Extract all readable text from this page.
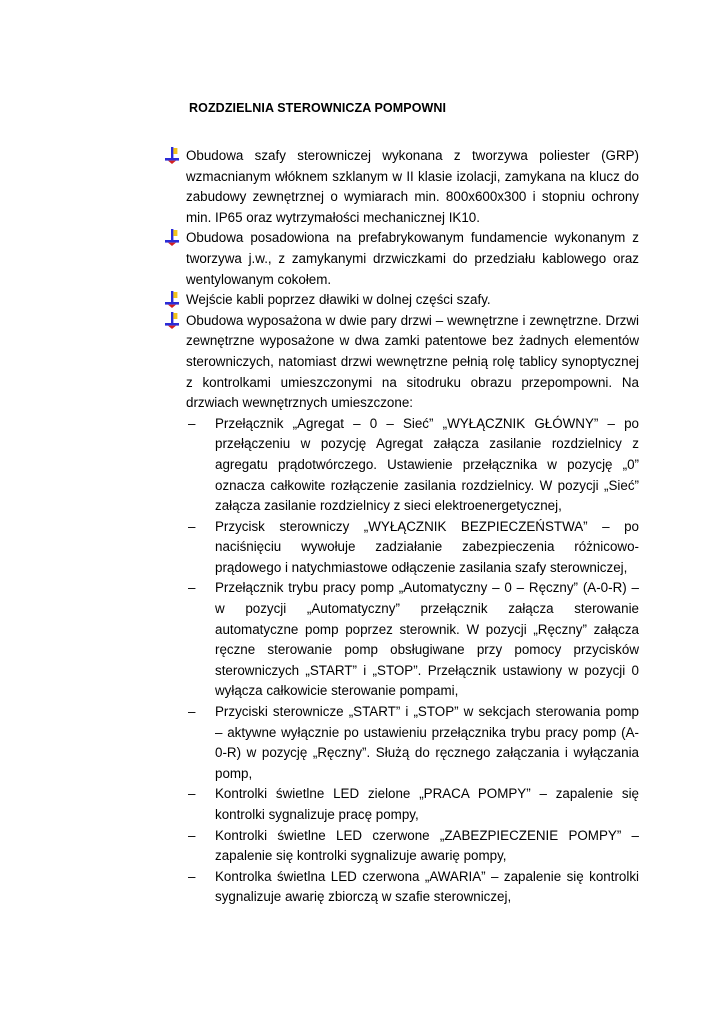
ROZDZIELNIA STEROWNICZA POMPOWNI
Obudowa szafy sterowniczej wykonana z tworzywa poliester (GRP) wzmacnianym włóknem szklanym w II klasie izolacji, zamykana na klucz do zabudowy zewnętrznej o wymiarach min. 800x600x300 i stopniu ochrony min. IP65 oraz wytrzymałości mechanicznej IK10.
Obudowa posadowiona na prefabrykowanym fundamencie wykonanym z tworzywa j.w., z zamykanymi drzwiczkami do przedziału kablowego oraz wentylowanym cokołem.
Wejście kabli poprzez dławiki w dolnej części szafy.
Obudowa wyposażona w dwie pary drzwi – wewnętrzne i zewnętrzne. Drzwi zewnętrzne wyposażone w dwa zamki patentowe bez żadnych elementów sterowniczych, natomiast drzwi wewnętrzne pełnią rolę tablicy synoptycznej z kontrolkami umieszczonymi na sitodruku obrazu przepompowni. Na drzwiach wewnętrznych umieszczone:
– Przełącznik „Agregat – 0 – Sieć” „WYŁĄCZNIK GŁÓWNY” – po przełączeniu w pozycję Agregat załącza zasilanie rozdzielnicy z agregatu prądotwórczego. Ustawienie przełącznika w pozycję „0” oznacza całkowite rozłączenie zasilania rozdzielnicy. W pozycji „Sieć” załącza zasilanie rozdzielnicy z sieci elektroenergetycznej,
– Przycisk sterowniczy „WYŁĄCZNIK BEZPIECZEŃSTWA” – po naciśnięciu wywołuje zadziałanie zabezpieczenia różnicowo-prądowego i natychmiastowe odłączenie zasilania szafy sterowniczej,
– Przełącznik trybu pracy pomp „Automatyczny – 0 – Ręczny” (A-0-R) – w pozycji „Automatyczny” przełącznik załącza sterowanie automatyczne pomp poprzez sterownik. W pozycji „Ręczny” załącza ręczne sterowanie pomp obsługiwane przy pomocy przycisków sterowniczych „START” i „STOP”. Przełącznik ustawiony w pozycji 0 wyłącza całkowicie sterowanie pompami,
– Przyciski sterownicze „START” i „STOP” w sekcjach sterowania pomp – aktywne wyłącznie po ustawieniu przełącznika trybu pracy pomp (A-0-R) w pozycję „Ręczny”. Służą do ręcznego załączania i wyłączania pomp,
– Kontrolki świetlne LED zielone „PRACA POMPY” – zapalenie się kontrolki sygnalizuje pracę pompy,
– Kontrolki świetlne LED czerwone „ZABEZPIECZENIE POMPY” – zapalenie się kontrolki sygnalizuje awarię pompy,
– Kontrolka świetlna LED czerwona „AWARIA” – zapalenie się kontrolki sygnalizuje awarię zbiorczą w szafie sterowniczej,
